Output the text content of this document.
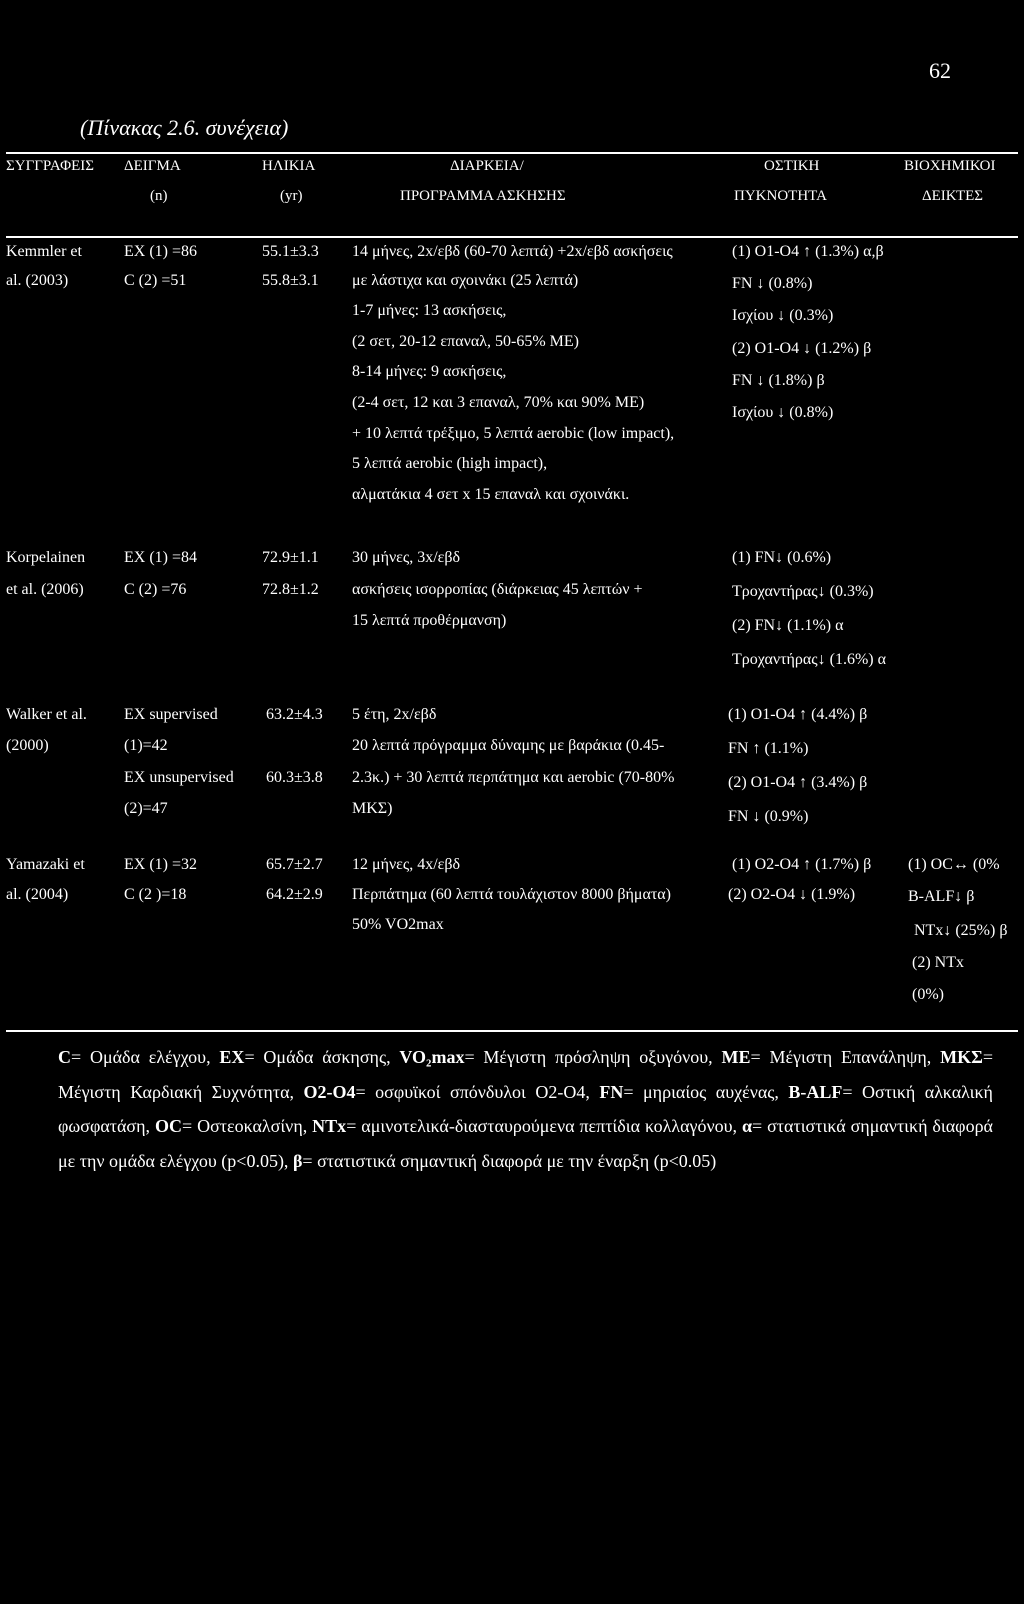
62
(Πίνακας 2.6. συνέχεια)
ΣΥΓΓΡΑΦΕΙΣ ΔΕΙΓΜΑ
(n)
ΗΛΙΚΙΑ
(yr)
ΔΙΑΡΚΕΙΑ/
ΠΡΟΓΡΑΜΜΑ ΑΣΚΗΣΗΣ
ΟΣΤΙΚΗ
ΠΥΚΝΟΤΗΤΑ
ΒΙΟΧΗΜΙΚΟΙ
ΔΕΙΚΤΕΣ
Kemmler et
al. (2003)
EX (1) =86
C (2) =51
55.1±3.3
55.8±3.1
14 μήνες, 2x/εβδ (60-70 λεπτά) +2x/εβδ ασκήσεις
με λάστιχα και σχοινάκι (25 λεπτά)
1-7 μήνες: 13 ασκήσεις,
(2 σετ, 20-12 επαναλ, 50-65% ΜΕ)
8-14 μήνες: 9 ασκήσεις,
(2-4 σετ, 12 και 3 επαναλ, 70% και 90% ΜΕ)
+ 10 λεπτά τρέξιμο, 5 λεπτά aerobic (low impact),
5 λεπτά aerobic (high impact),
αλματάκια 4 σετ x 15 επαναλ και σχοινάκι.
(1) O1-O4 ↑ (1.3%) α,β
FN ↓ (0.8%)
Ισχίου ↓ (0.3%)
(2) O1-O4 ↓ (1.2%) β
FN ↓ (1.8%) β
Ισχίου ↓ (0.8%)
Korpelainen
et al. (2006)
EX (1) =84
C (2) =76
72.9±1.1
72.8±1.2
30 μήνες, 3x/εβδ
ασκήσεις ισορροπίας (διάρκειας 45 λεπτών +
15 λεπτά προθέρμανση)
(1) FN↓ (0.6%)
Τροχαντήρας↓ (0.3%)
(2) FN↓ (1.1%) α
Τροχαντήρας↓ (1.6%) α
Walker et al.
(2000)
EX supervised
(1)=42
EX unsupervised
(2)=47
63.2±4.3
60.3±3.8
5 έτη, 2x/εβδ
20 λεπτά πρόγραμμα δύναμης με βαράκια (0.45-
2.3κ.) + 30 λεπτά περπάτημα και aerobic (70-80%
ΜΚΣ)
(1) O1-O4 ↑ (4.4%) β
FN ↑ (1.1%)
(2) O1-O4 ↑ (3.4%) β
FN ↓ (0.9%)
Yamazaki et
al. (2004)
EX (1) =32
C (2 )=18
65.7±2.7
64.2±2.9
12 μήνες, 4x/εβδ
Περπάτημα (60 λεπτά τουλάχιστον 8000 βήματα)
50% VO2max
(1) O2-O4 ↑ (1.7%) β
(2) O2-O4 ↓ (1.9%)
(1) OC↔ (0%
B-ALF↓ β
NTx↓ (25%) β
(2) NTx
(0%)
C= Ομάδα ελέγχου, EX= Ομάδα άσκησης, VO₂max= Μέγιστη πρόσληψη οξυγόνου, ΜΕ= Μέγιστη Επανάληψη, ΜΚΣ= Μέγιστη Καρδιακή Συχνότητα, O2-O4= οσφυϊκοί σπόνδυλοι O2-O4, FN= μηριαίος αυχένας, B-ALF= Οστική αλκαλική φωσφατάση, OC= Οστεοκαλσίνη, NTx= αμινοτελικά-διασταυρούμενα πεπτίδια κολλαγόνου, α= στατιστικά σημαντική διαφορά με την ομάδα ελέγχου (p<0.05), β= στατιστικά σημαντική διαφορά με την έναρξη (p<0.05)
